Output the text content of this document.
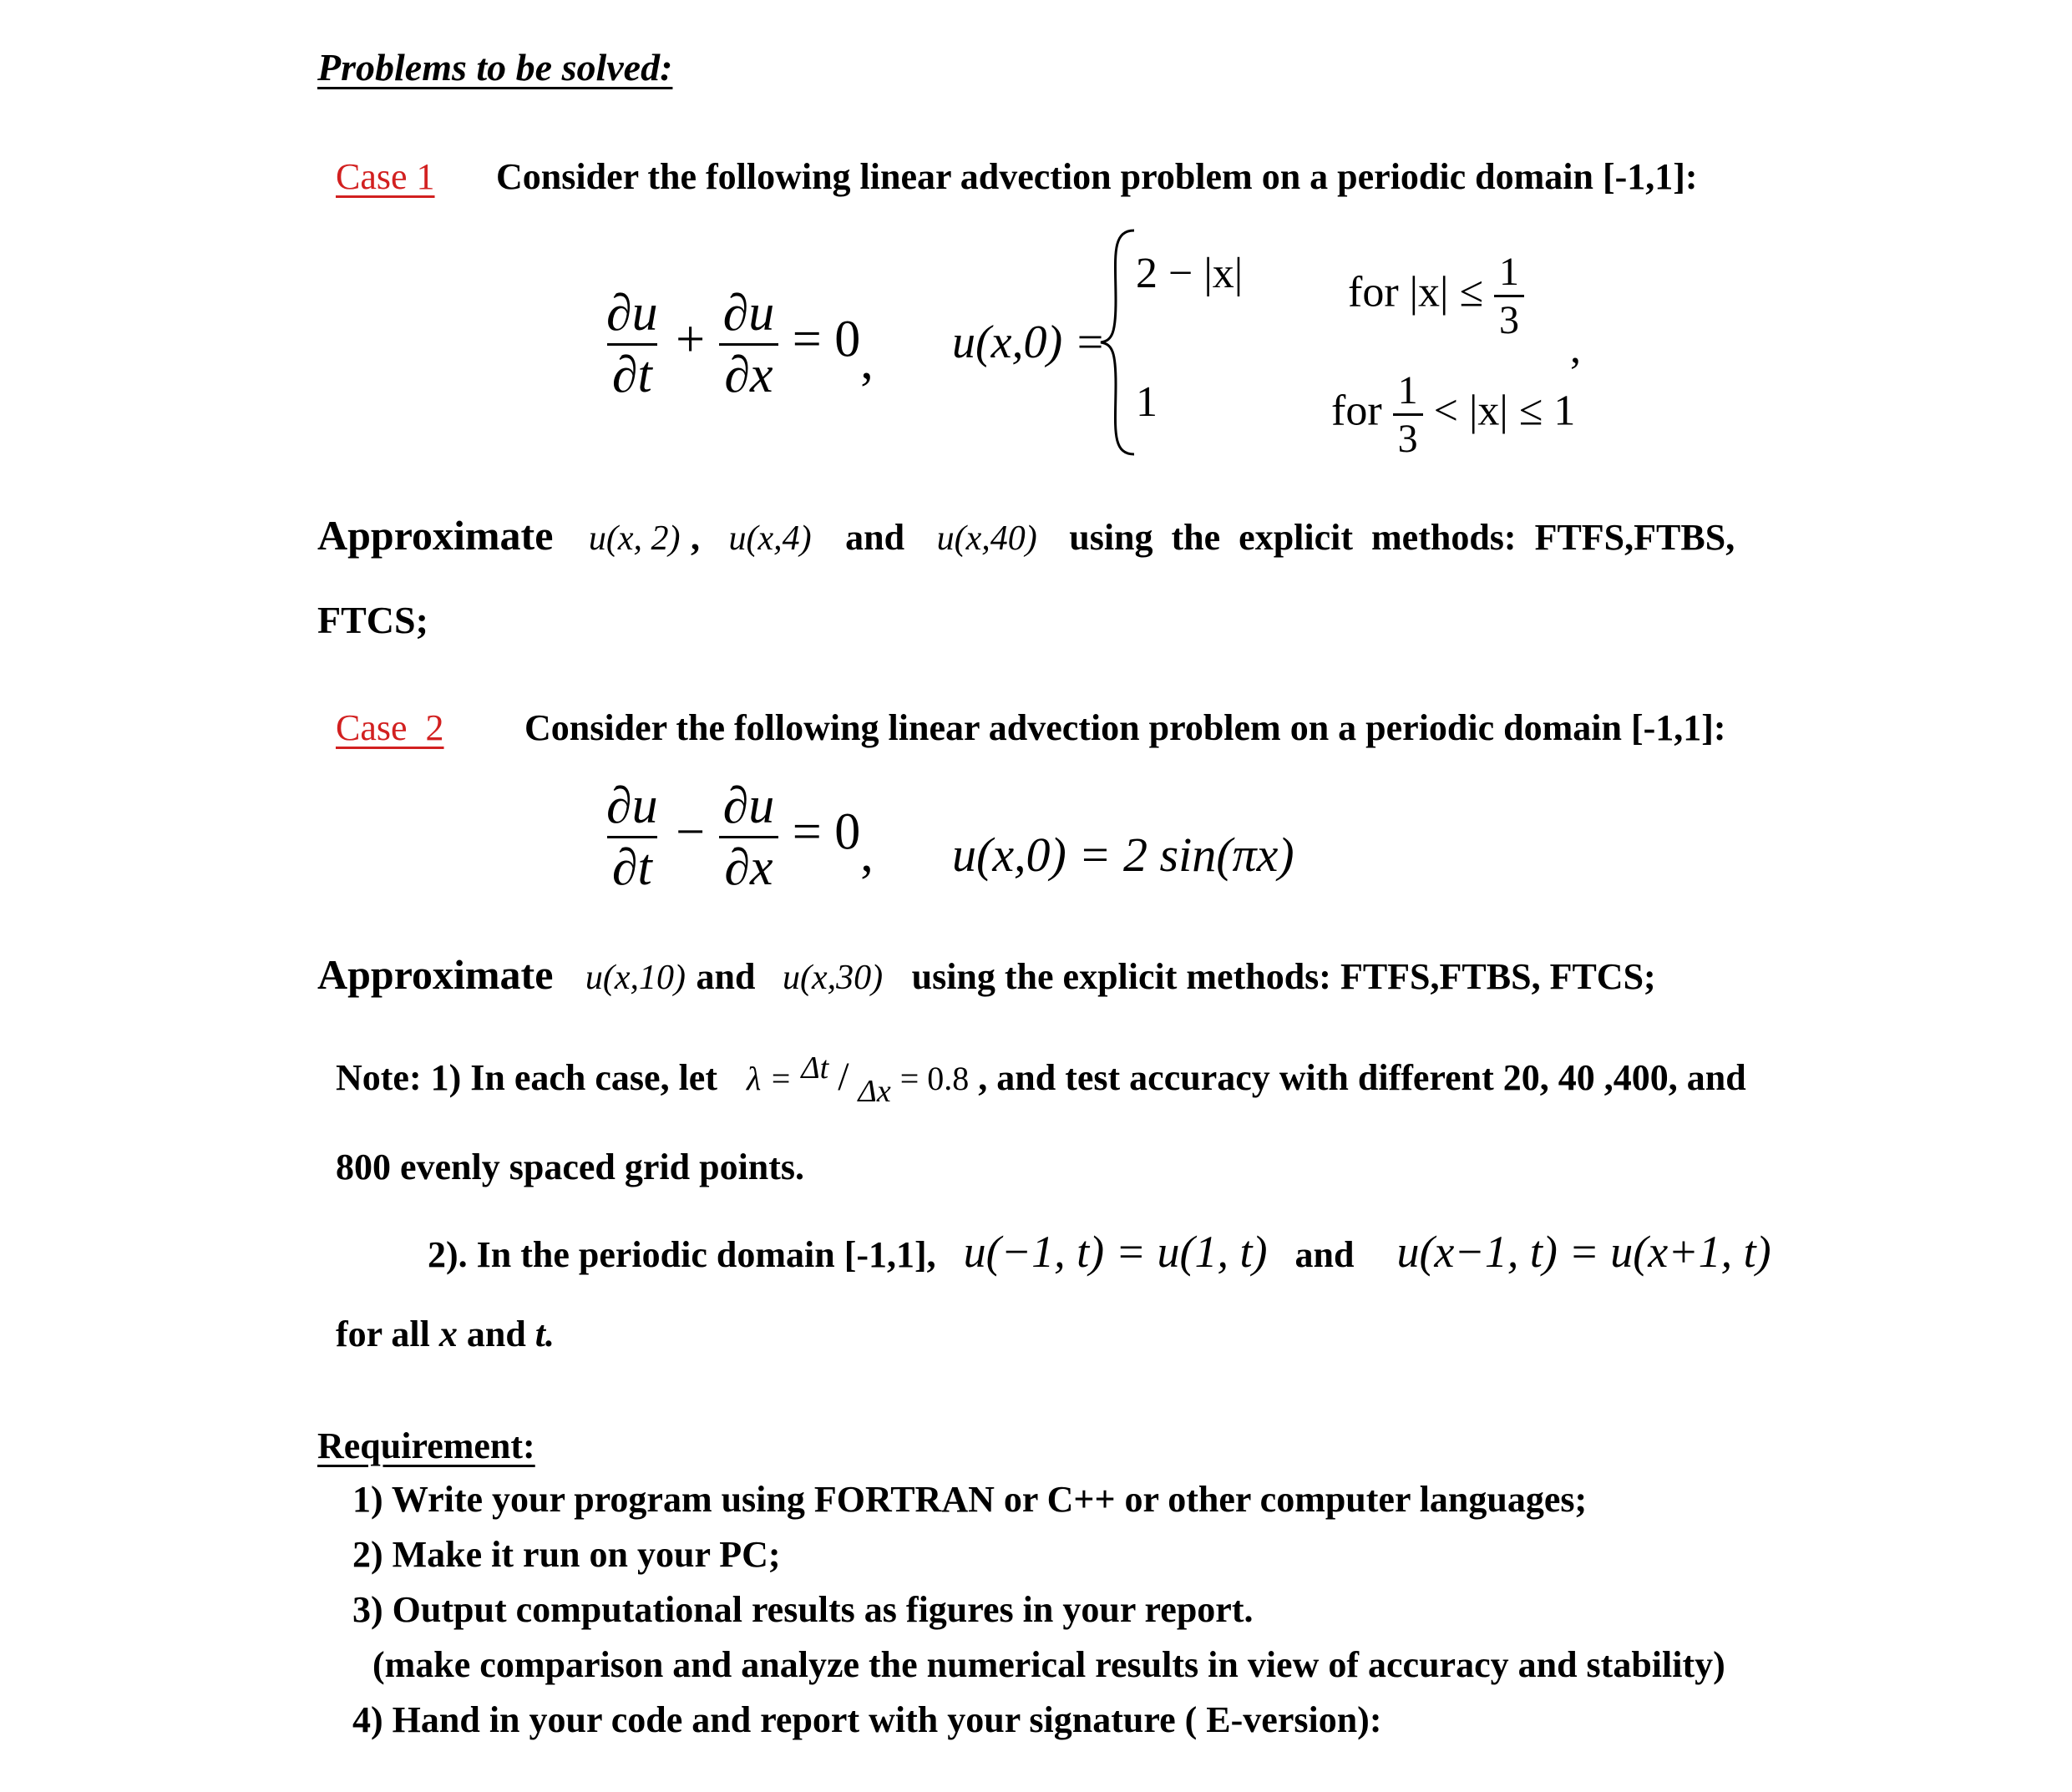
Problems to be solved:
Case 1 Consider the following linear advection problem on a periodic domain [-1,1]:
$\frac{\partial u}{\partial t} + \frac{\partial u}{\partial x} = 0$, u(x,0) =
2 − |x| for $|x| \le \frac{1}{3}$
,
1	for $\frac{1}{3} < |x| \le 1$
Approximate u(x, 2) , u(x,4) and u(x,40) using  the  explicit  methods:  FTFS,FTBS,
FTCS;
Case  2 Consider the following linear advection problem on a periodic domain [-1,1]:
$\frac{\partial u}{\partial t} - \frac{\partial u}{\partial x} = 0$, u(x,0) = 2 sin(πx)
Approximate u(x,10) and u(x,30) using the explicit methods: FTFS,FTBS, FTCS;
Note: 1) In each case, let λ = Δt / Δx = 0.8 , and test accuracy with different 20, 40 ,400, and
800 evenly spaced grid points.
2). In the periodic domain [-1,1], u(−1, t) = u(1, t) and u(x−1, t) = u(x+1, t)
for all x and t.
Requirement:
1) Write your program using FORTRAN or C++ or other computer languages;
2) Make it run on your PC;
3) Output computational results as figures in your report.
(make comparison and analyze the numerical results in view of accuracy and stability)
4) Hand in your code and report with your signature ( E-version):
